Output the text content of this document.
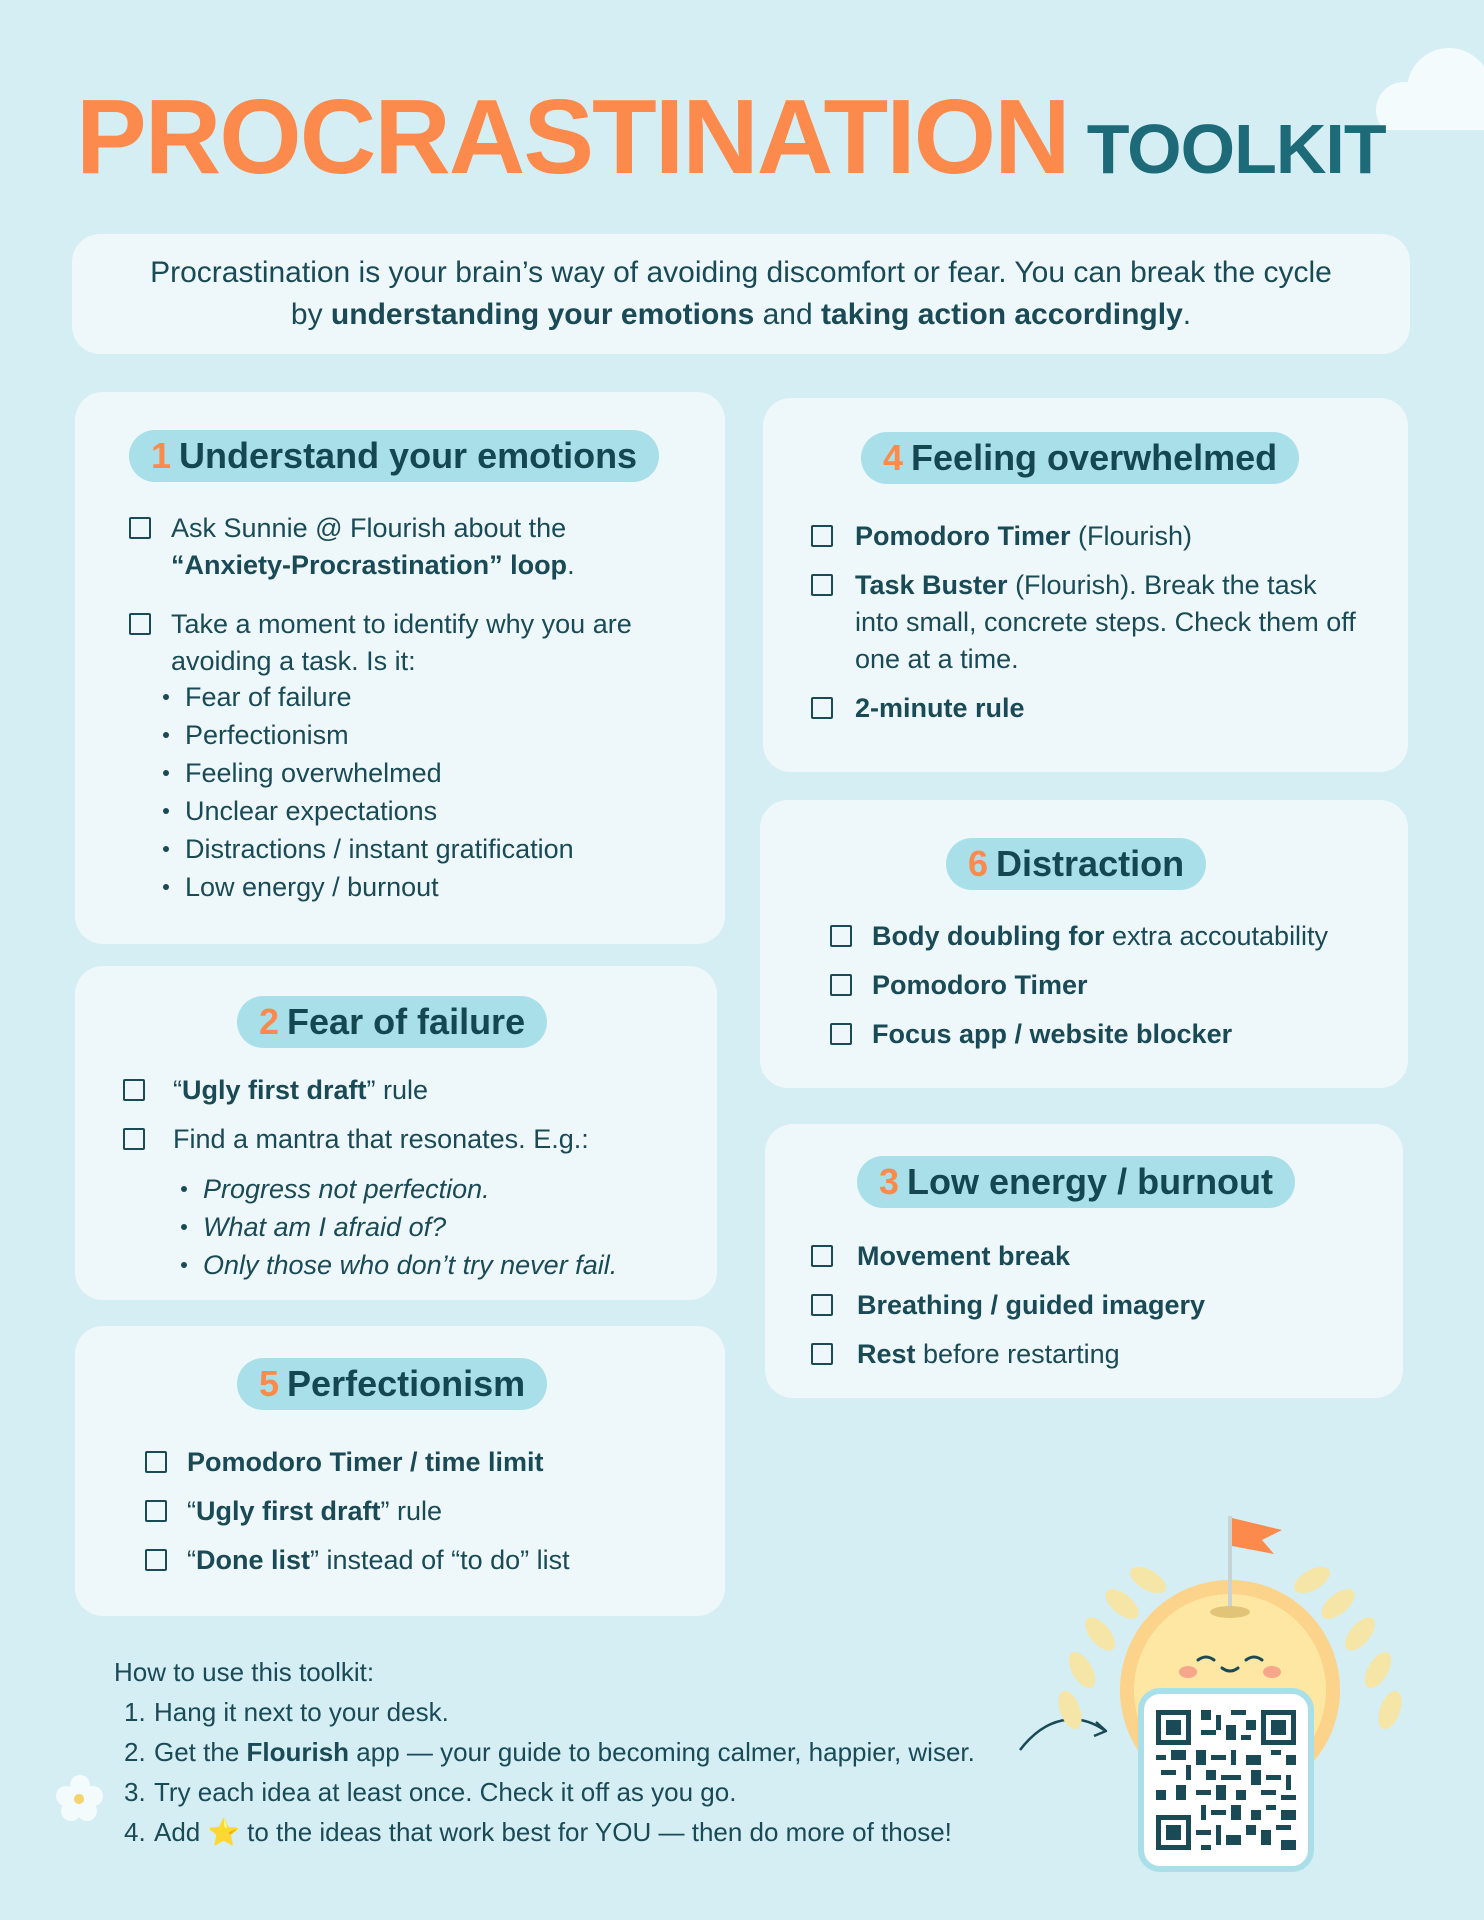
PROCRASTINATION TOOLKIT

Procrastination is your brain’s way of avoiding discomfort or fear. You can break the cycle by understanding your emotions and taking action accordingly.

1 Understand your emotions
Ask Sunnie @ Flourish about the “Anxiety-Procrastination” loop.
Take a moment to identify why you are avoiding a task. Is it:
Fear of failure
Perfectionism
Feeling overwhelmed
Unclear expectations
Distractions / instant gratification
Low energy / burnout
2 Fear of failure
“Ugly first draft” rule
Find a mantra that resonates. E.g.:
Progress not perfection.
What am I afraid of?
Only those who don’t try never fail.
5 Perfectionism
Pomodoro Timer / time limit
“Ugly first draft” rule
“Done list” instead of “to do” list
4 Feeling overwhelmed
Pomodoro Timer (Flourish)
Task Buster (Flourish). Break the task into small, concrete steps. Check them off one at a time.
2-minute rule
6 Distraction
Body doubling for extra accoutability
Pomodoro Timer
Focus app / website blocker
3 Low energy / burnout
Movement break
Breathing / guided imagery
Rest before restarting
How to use this toolkit:
1. Hang it next to your desk.
2. Get the Flourish app — your guide to becoming calmer, happier, wiser.
3. Try each idea at least once. Check it off as you go.
4. Add ⭐ to the ideas that work best for YOU — then do more of those!
